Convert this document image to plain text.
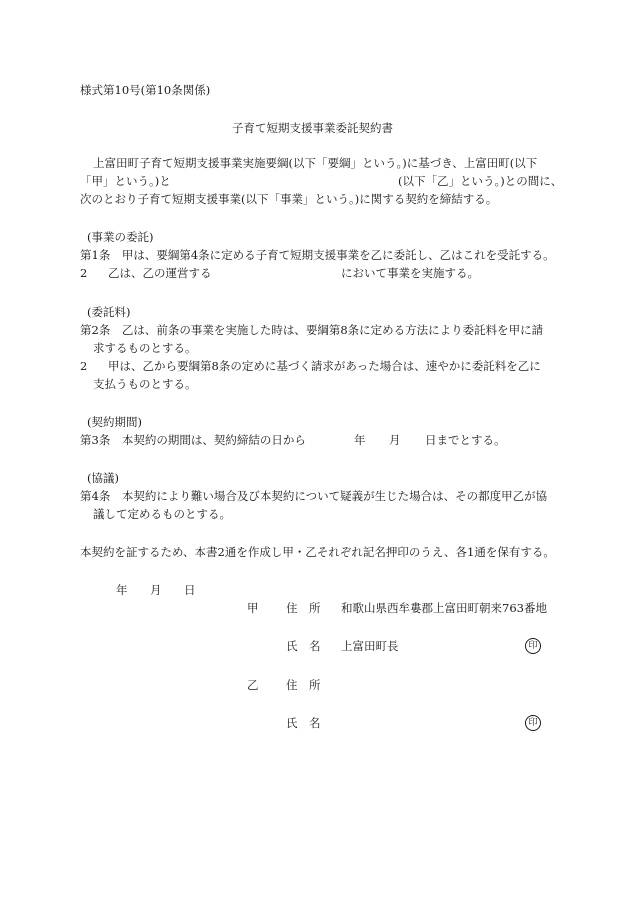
様式第10号(第10条関係)
子育て短期支援事業委託契約書
上富田町子育て短期支援事業実施要綱(以下「要綱」という。)に基づき、上富田町(以下
「甲」という。)と	(以下「乙」という。)との間に、
次のとおり子育て短期支援事業(以下「事業」という。)に関する契約を締結する。
(事業の委託)
第1条　甲は、要綱第4条に定める子育て短期支援事業を乙に委託し、乙はこれを受託する。
2 乙は、乙の運営する	において事業を実施する。
(委託料)
第2条　乙は、前条の事業を実施した時は、要綱第8条に定める方法により委託料を甲に請
求するものとする。
2 甲は、乙から要綱第8条の定めに基づく請求があった場合は、速やかに委託料を乙に
支払うものとする。
(契約期間)
第3条　本契約の期間は、契約締結の日から	年 月 日までとする。
(協議)
第4条　本契約により難い場合及び本契約について疑義が生じた場合は、その都度甲乙が協
議して定めるものとする。
本契約を証するため、本書2通を作成し甲・乙それぞれ記名押印のうえ、各1通を保有する。
年 月 日
甲 住　所 和歌山県西牟婁郡上富田町朝来763番地
氏　名 上富田町長	印
乙 住　所
氏　名	印
